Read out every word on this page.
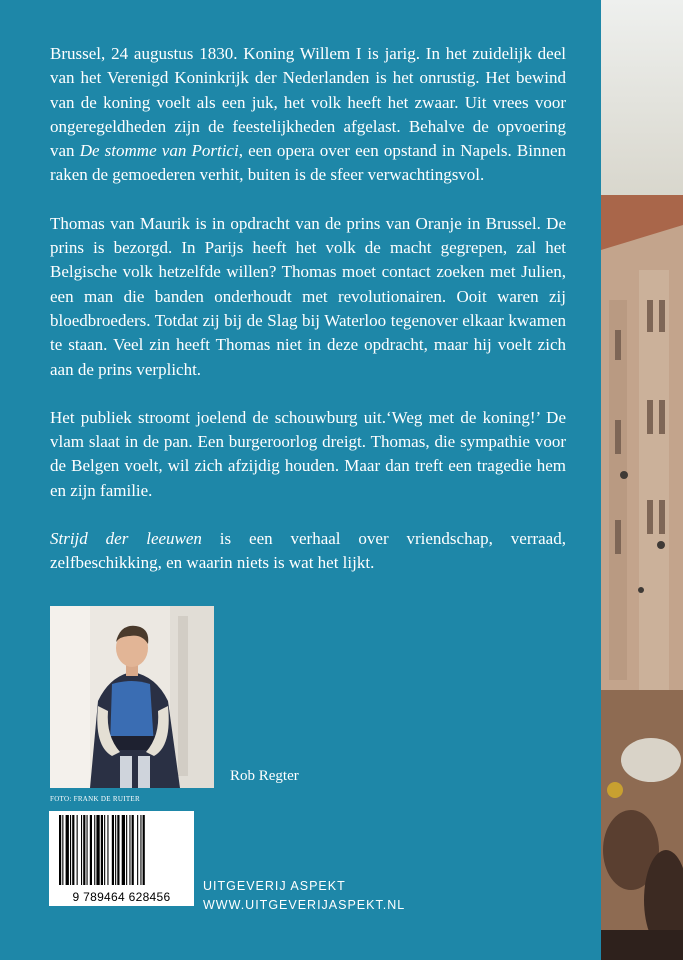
Brussel, 24 augustus 1830. Koning Willem I is jarig. In het zuidelijk deel van het Verenigd Koninkrijk der Nederlanden is het onrustig. Het bewind van de koning voelt als een juk, het volk heeft het zwaar. Uit vrees voor ongeregeldheden zijn de feestelijkheden afgelast. Behalve de opvoering van De stomme van Portici, een opera over een opstand in Napels. Binnen raken de gemoederen verhit, buiten is de sfeer verwachtingsvol.

Thomas van Maurik is in opdracht van de prins van Oranje in Brussel. De prins is bezorgd. In Parijs heeft het volk de macht gegrepen, zal het Belgische volk hetzelfde willen? Thomas moet contact zoeken met Julien, een man die banden onderhoudt met revolutionairen. Ooit waren zij bloedbroeders. Totdat zij bij de Slag bij Waterloo tegenover elkaar kwamen te staan. Veel zin heeft Thomas niet in deze opdracht, maar hij voelt zich aan de prins verplicht.

Het publiek stroomt joelend de schouwburg uit.‘Weg met de koning!’ De vlam slaat in de pan. Een burgeroorlog dreigt. Thomas, die sympathie voor de Belgen voelt, wil zich afzijdig houden. Maar dan treft een tragedie hem en zijn familie.

Strijd der leeuwen is een verhaal over vriendschap, verraad, zelfbeschikking, en waarin niets is wat het lijkt.

Rob Regter
FOTO: FRANK DE RUITER
9 789464 628456
UITGEVERIJ ASPEKT
WWW.UITGEVERIJASPEKT.NL
